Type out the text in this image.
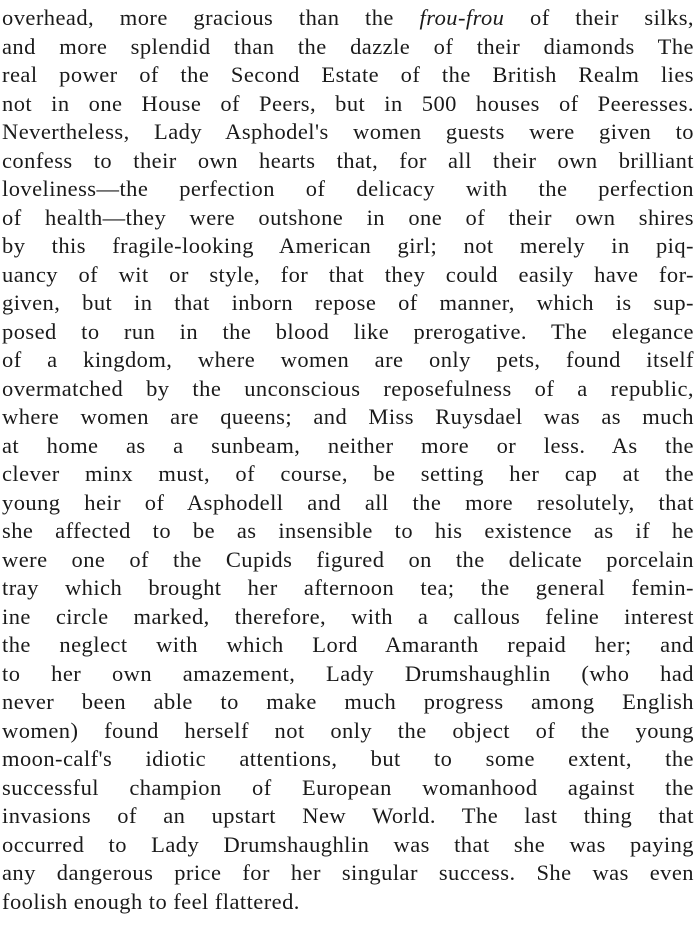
overhead, more gracious than the frou-frou of their silks,
and more splendid than the dazzle of their diamonds The
real power of the Second Estate of the British Realm lies
not in one House of Peers, but in 500 houses of Peeresses.
Nevertheless, Lady Asphodel's women guests were given to
confess to their own hearts that, for all their own brilliant
loveliness—the perfection of delicacy with the perfection
of health—they were outshone in one of their own shires
by this fragile-looking American girl; not merely in piq-
uancy of wit or style, for that they could easily have for-
given, but in that inborn repose of manner, which is sup-
posed to run in the blood like prerogative. The elegance
of a kingdom, where women are only pets, found itself
overmatched by the unconscious reposefulness of a republic,
where women are queens; and Miss Ruysdael was as much
at home as a sunbeam, neither more or less. As the
clever minx must, of course, be setting her cap at the
young heir of Asphodell and all the more resolutely, that
she affected to be as insensible to his existence as if he
were one of the Cupids figured on the delicate porcelain
tray which brought her afternoon tea; the general femin-
ine circle marked, therefore, with a callous feline interest
the neglect with which Lord Amaranth repaid her; and
to her own amazement, Lady Drumshaughlin (who had
never been able to make much progress among English
women) found herself not only the object of the young
moon-calf's idiotic attentions, but to some extent, the
successful champion of European womanhood against the
invasions of an upstart New World. The last thing that
occurred to Lady Drumshaughlin was that she was paying
any dangerous price for her singular success. She was even
foolish enough to feel flattered.
